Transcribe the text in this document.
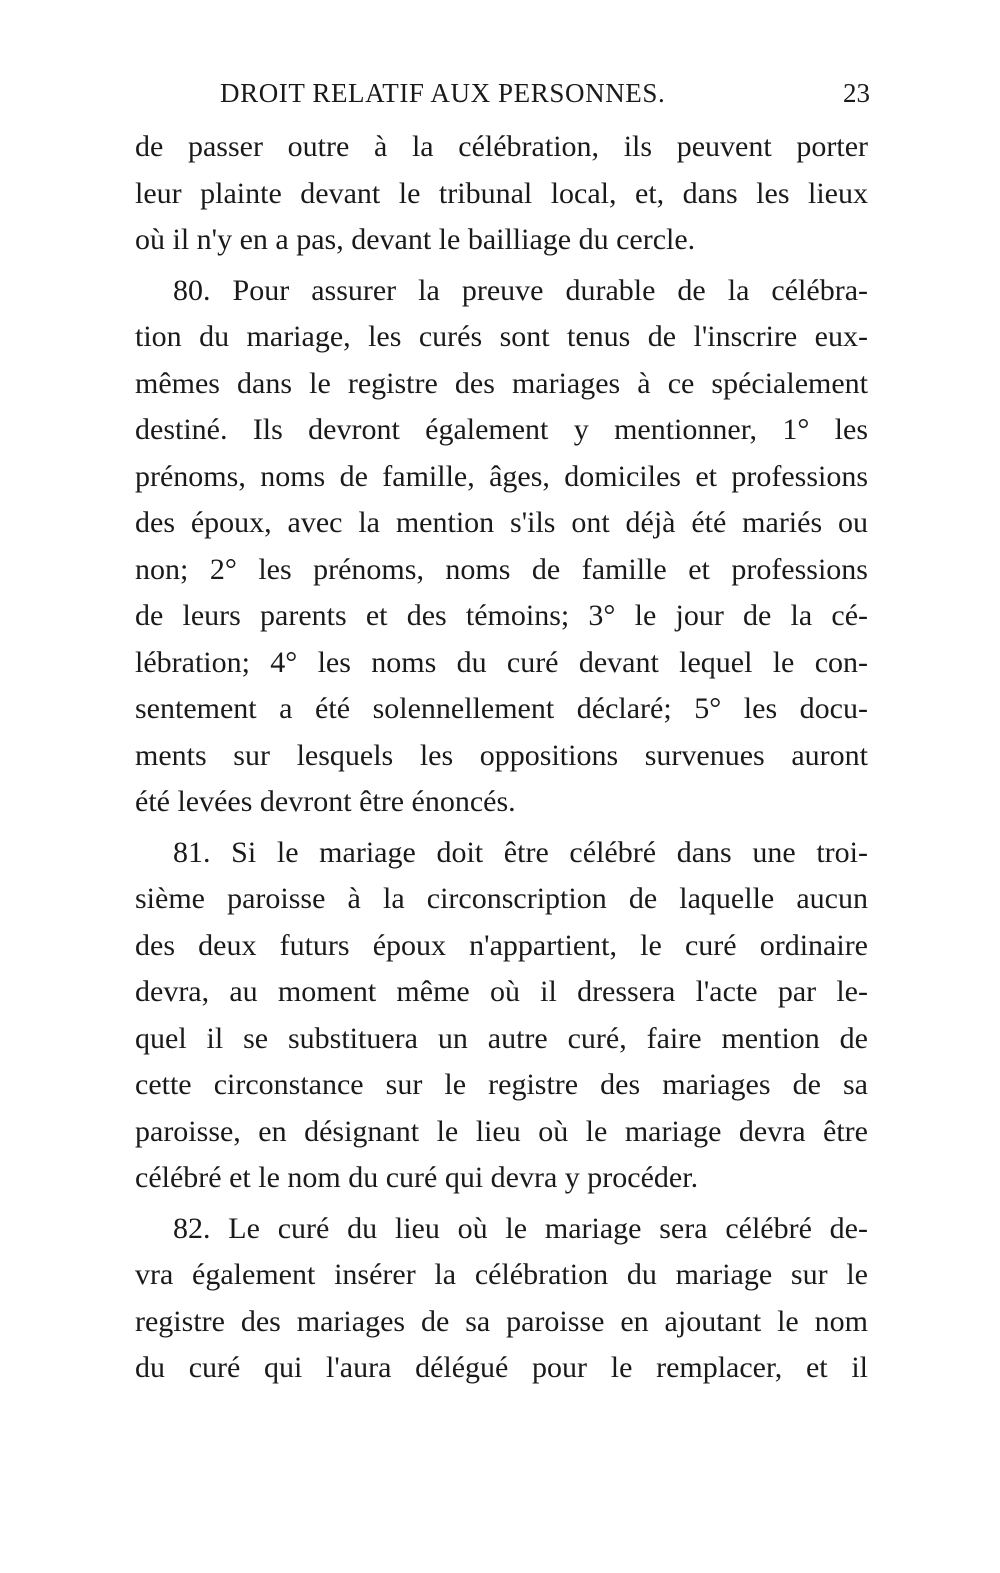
DROIT RELATIF AUX PERSONNES.	23
de passer outre à la célébration, ils peuvent porter
leur plainte devant le tribunal local, et, dans les lieux
où il n'y en a pas, devant le bailliage du cercle.
80. Pour assurer la preuve durable de la célébra-
tion du mariage, les curés sont tenus de l'inscrire eux-
mêmes dans le registre des mariages à ce spécialement
destiné. Ils devront également y mentionner, 1° les
prénoms, noms de famille, âges, domiciles et professions
des époux, avec la mention s'ils ont déjà été mariés ou
non; 2° les prénoms, noms de famille et professions
de leurs parents et des témoins; 3° le jour de la cé-
lébration; 4° les noms du curé devant lequel le con-
sentement a été solennellement déclaré; 5° les docu-
ments sur lesquels les oppositions survenues auront
été levées devront être énoncés.
81. Si le mariage doit être célébré dans une troi-
sième paroisse à la circonscription de laquelle aucun
des deux futurs époux n'appartient, le curé ordinaire
devra, au moment même où il dressera l'acte par le-
quel il se substituera un autre curé, faire mention de
cette circonstance sur le registre des mariages de sa
paroisse, en désignant le lieu où le mariage devra être
célébré et le nom du curé qui devra y procéder.
82. Le curé du lieu où le mariage sera célébré de-
vra également insérer la célébration du mariage sur le
registre des mariages de sa paroisse en ajoutant le nom
du curé qui l'aura délégué pour le remplacer, et il
